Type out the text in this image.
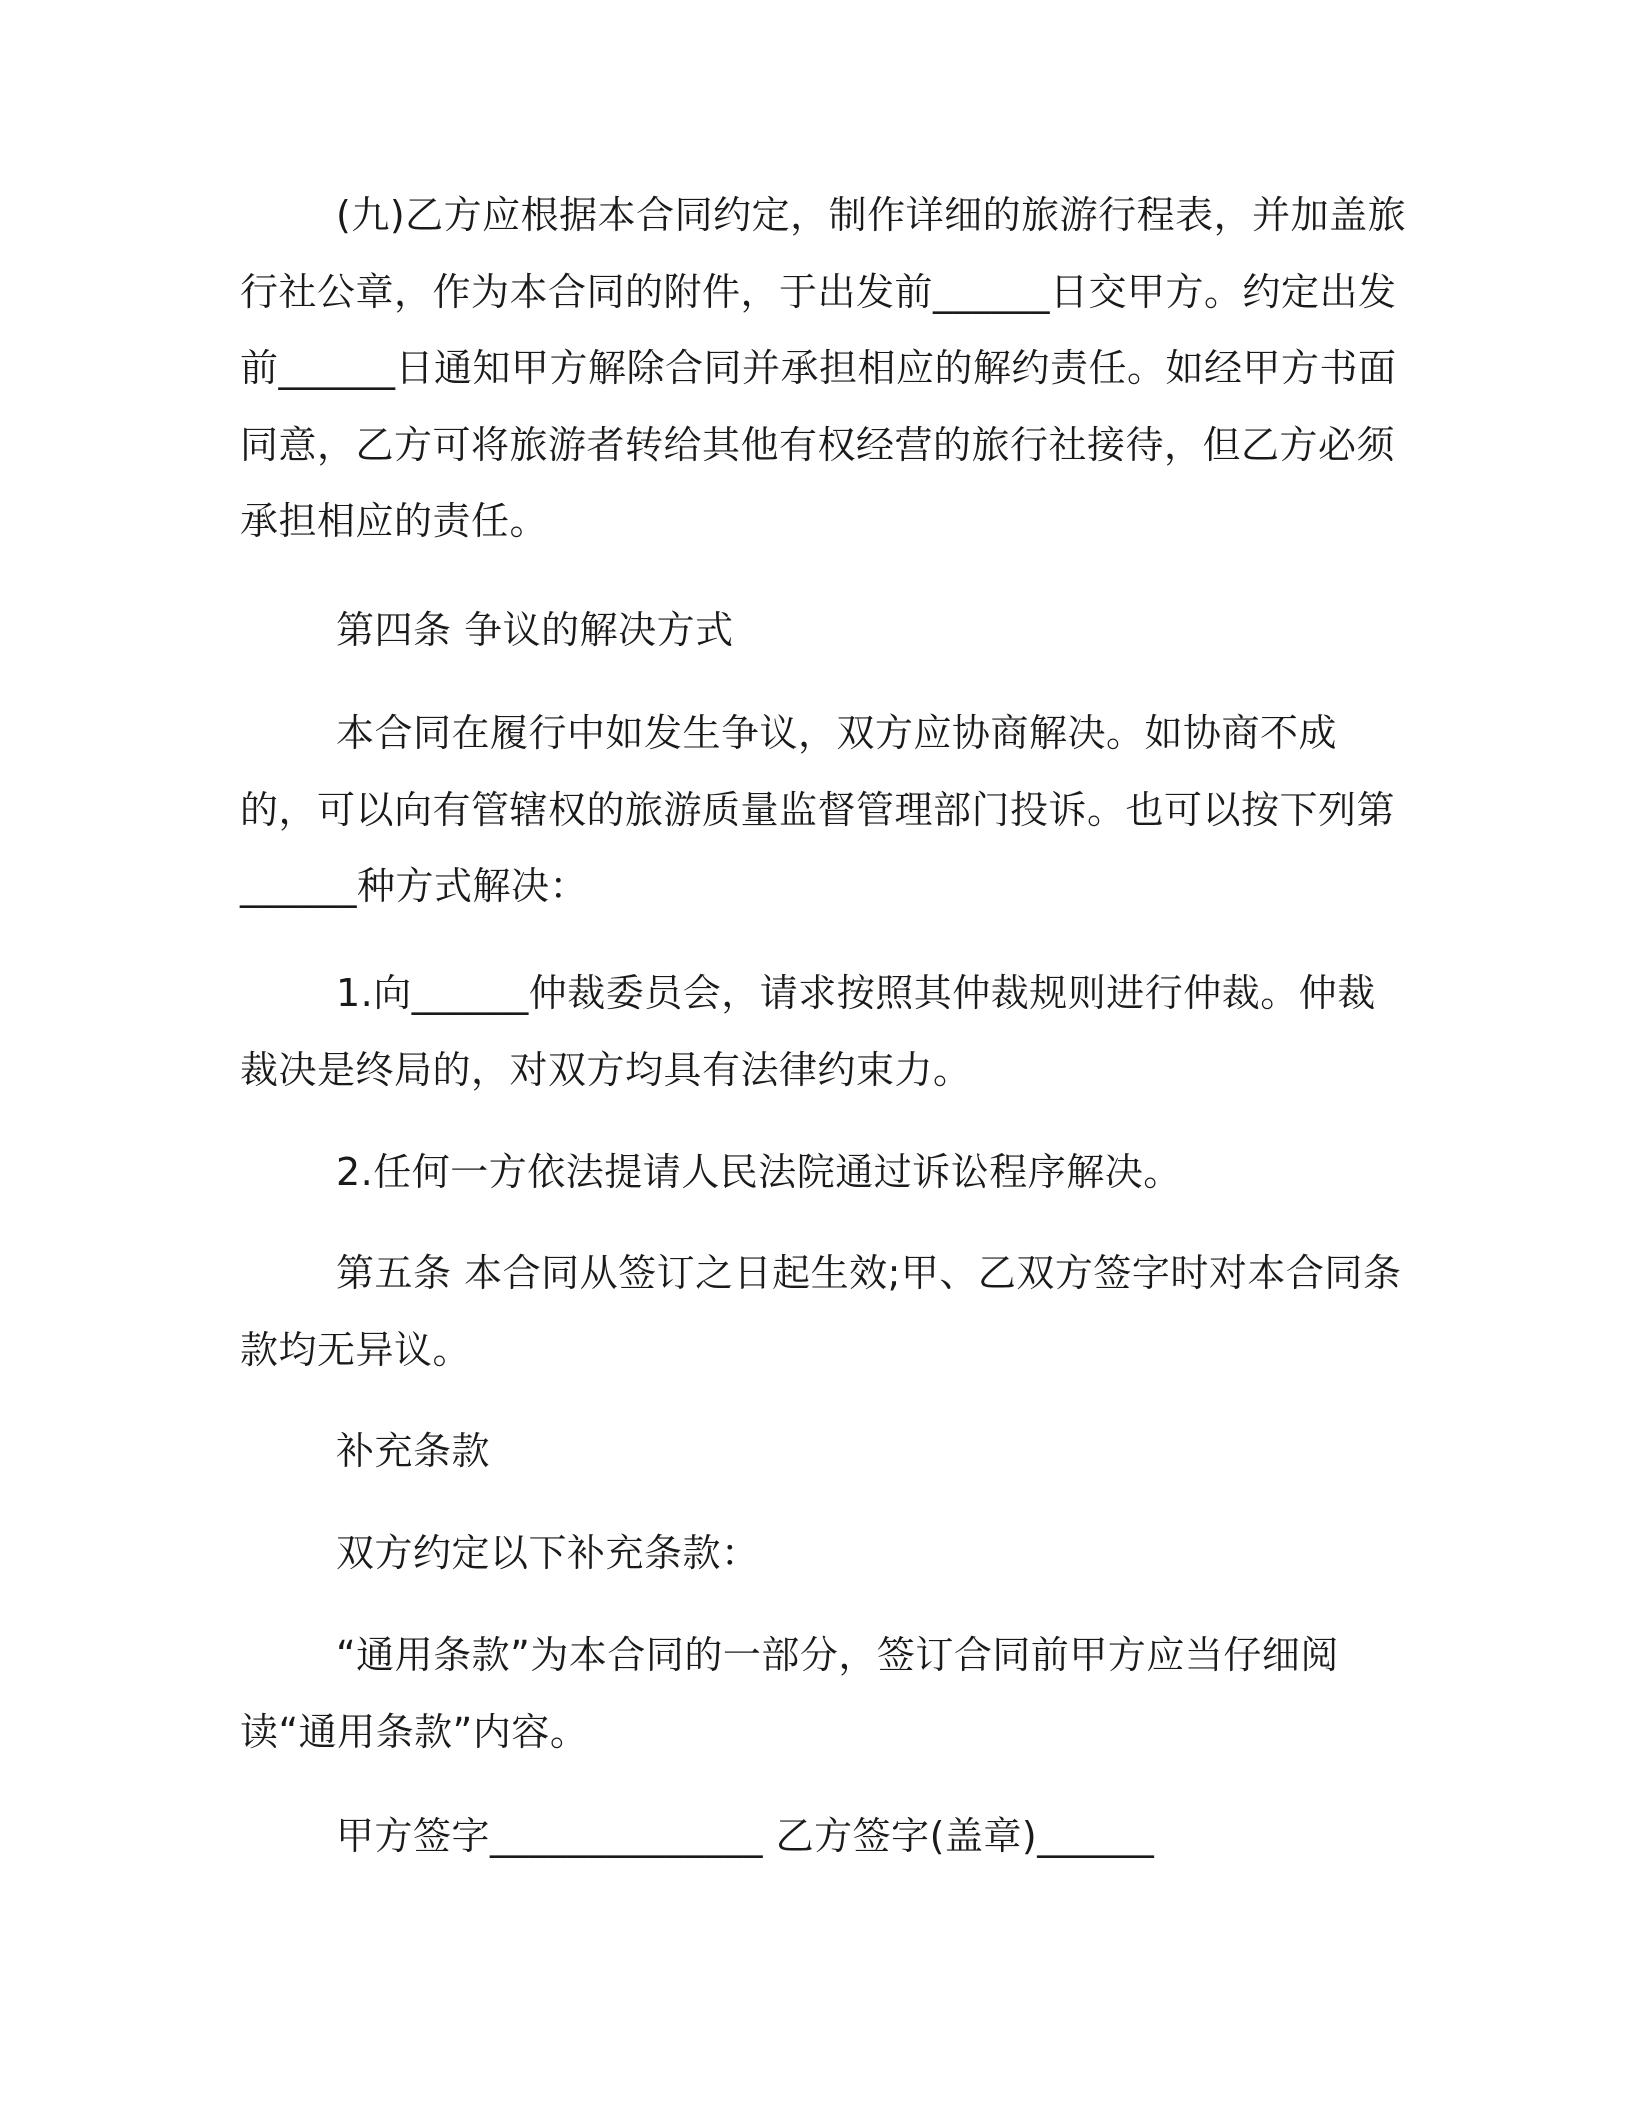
(九)乙方应根据本合同约定，制作详细的旅游行程表，并加盖旅行社公章，作为本合同的附件，于出发前______日交甲方。约定出发前______日通知甲方解除合同并承担相应的解约责任。如经甲方书面同意，乙方可将旅游者转给其他有权经营的旅行社接待，但乙方必须承担相应的责任。

第四条 争议的解决方式

本合同在履行中如发生争议，双方应协商解决。如协商不成的，可以向有管辖权的旅游质量监督管理部门投诉。也可以按下列第______种方式解决：

1.向______仲裁委员会，请求按照其仲裁规则进行仲裁。仲裁裁决是终局的，对双方均具有法律约束力。

2.任何一方依法提请人民法院通过诉讼程序解决。

第五条 本合同从签订之日起生效;甲、乙双方签字时对本合同条款均无异议。

补充条款

双方约定以下补充条款：

“通用条款”为本合同的一部分，签订合同前甲方应当仔细阅读“通用条款”内容。

甲方签字______________ 乙方签字(盖章)______
